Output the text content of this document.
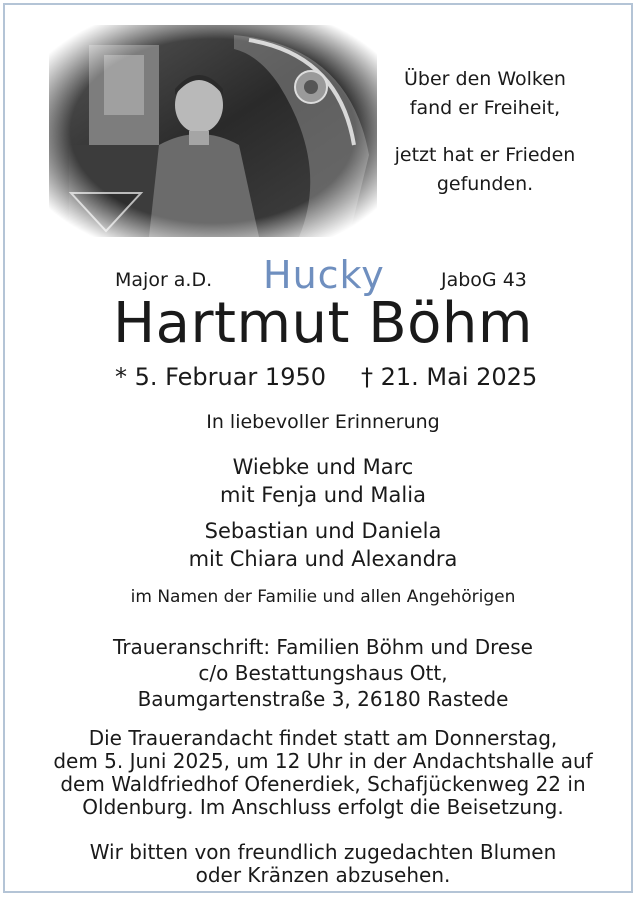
Über den Wolken
fand er Freiheit,

jetzt hat er Frieden
gefunden.

Major a.D. Hucky	JaboG 43
Hartmut Böhm
* 5. Februar 1950 † 21. Mai 2025
In liebevoller Erinnerung
Wiebke und Marc
mit Fenja und Malia
Sebastian und Daniela
mit Chiara und Alexandra
im Namen der Familie und allen Angehörigen
Traueranschrift: Familien Böhm und Drese
c/o Bestattungshaus Ott,
Baumgartenstraße 3, 26180 Rastede
Die Trauerandacht findet statt am Donnerstag,
dem 5. Juni 2025, um 12 Uhr in der Andachtshalle auf
dem Waldfriedhof Ofenerdiek, Schafjückenweg 22 in
Oldenburg. Im Anschluss erfolgt die Beisetzung.
Wir bitten von freundlich zugedachten Blumen
oder Kränzen abzusehen.
